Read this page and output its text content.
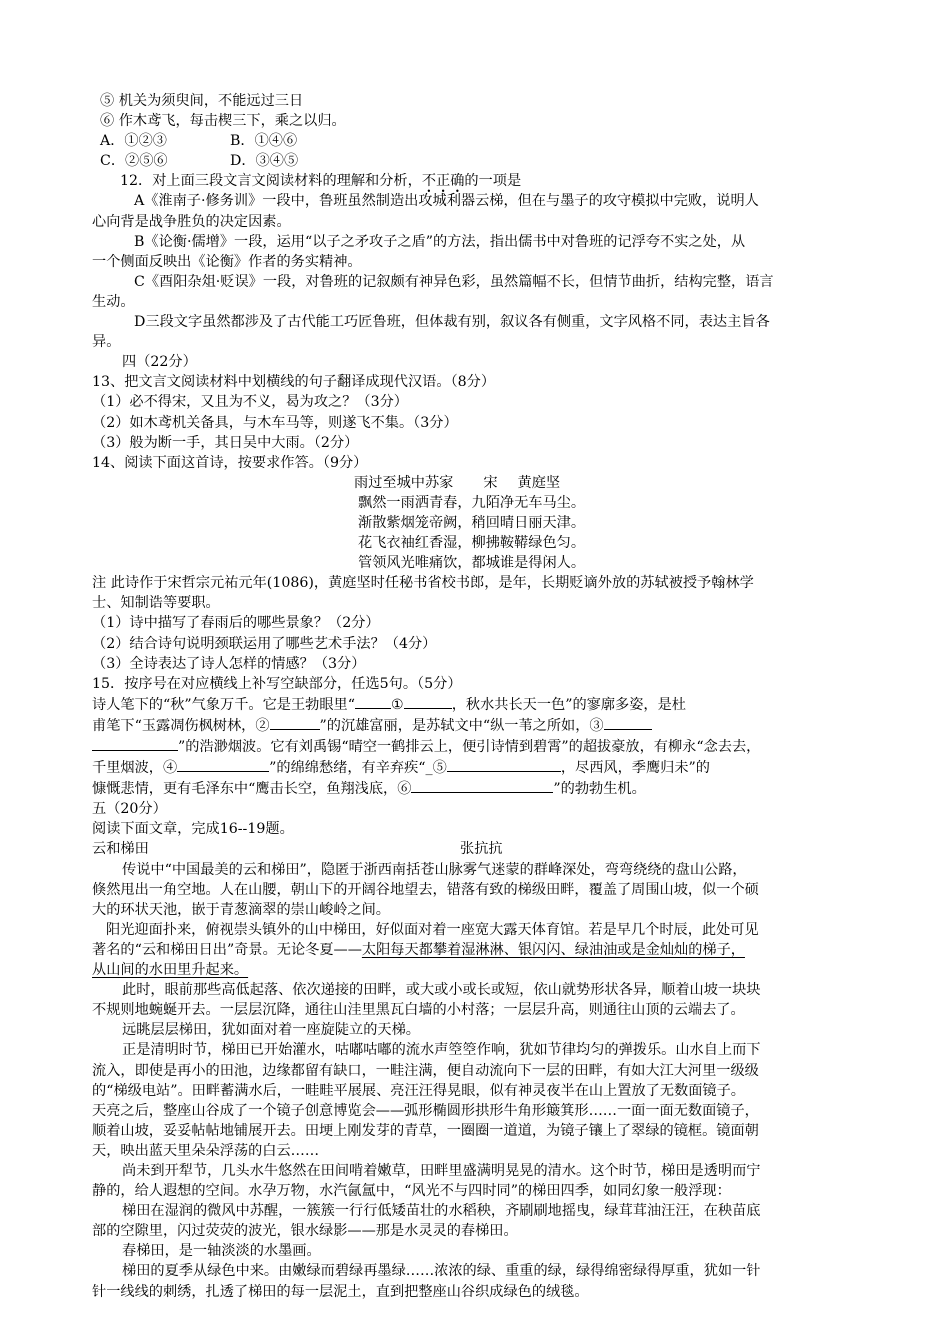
⑤ 机关为须臾间，不能远过三日
⑥ 作木鸢飞，每击楔三下，乘之以归。
A．①②③	B．①④⑥
C．②⑤⑥	D．③④⑤
12．对上面三段文言文阅读材料的理解和分析，不正确的一项是
A《淮南子·修务训》一段中，鲁班虽然制造出攻城利器云梯，但在与墨子的攻守模拟中完败，说明人
心向背是战争胜负的决定因素。
B《论衡·儒增》一段，运用“以子之矛攻子之盾”的方法，指出儒书中对鲁班的记浮夸不实之处，从
一个侧面反映出《论衡》作者的务实精神。
C《酉阳杂俎·贬误》一段，对鲁班的记叙颇有神异色彩，虽然篇幅不长，但情节曲折，结构完整，语言
生动。
D三段文字虽然都涉及了古代能工巧匠鲁班，但体裁有别，叙议各有侧重，文字风格不同，表达主旨各
异。
四（22分）
13、把文言文阅读材料中划横线的句子翻译成现代汉语。（8分）
（1）必不得宋，又且为不义，曷为攻之？（3分）
（2）如木鸢机关备具，与木车马等，则遂飞不集。（3分）
（3）般为断一手，其日吴中大雨。（2分）
14、阅读下面这首诗，按要求作答。（9分）
雨过至城中苏家 宋 黄庭坚
飘然一雨洒青春，九陌净无车马尘。
渐散紫烟笼帝阙，稍回晴日丽天津。
花飞衣袖红香湿，柳拂鞍鞯绿色匀。
管领风光唯痛饮，都城谁是得闲人。
注 此诗作于宋哲宗元祐元年(1086)，黄庭坚时任秘书省校书郎，是年，长期贬谪外放的苏轼被授予翰林学
士、知制诰等要职。
（1）诗中描写了春雨后的哪些景象？（2分）
（2）结合诗句说明颈联运用了哪些艺术手法？（4分）
（3）全诗表达了诗人怎样的情感？（3分）
15．按序号在对应横线上补写空缺部分，任选5句。（5分）
诗人笔下的“秋”气象万千。它是王勃眼里“	①	，秋水共长天一色”的寥廓多姿，是杜
甫笔下“玉露凋伤枫树林，②	”的沉雄富丽，是苏轼文中“纵一苇之所如，③
”的浩渺烟波。它有刘禹锡“晴空一鹤排云上，便引诗情到碧霄”的超拔豪放，有柳永“念去去，
千里烟波，④	”的绵绵愁绪，有辛弃疾“_⑤	，尽西风，季鹰归未”的
慷慨悲情，更有毛泽东中“鹰击长空，鱼翔浅底，⑥	”的勃勃生机。
五（20分）
阅读下面文章，完成16--19题。
云和梯田	张抗抗
传说中“中国最美的云和梯田”，隐匿于浙西南括苍山脉雾气迷蒙的群峰深处，弯弯绕绕的盘山公路，
倏然甩出一角空地。人在山腰，朝山下的开阔谷地望去，错落有致的梯级田畔，覆盖了周围山坡，似一个硕
大的环状天池，嵌于青葱滴翠的崇山峻岭之间。
阳光迎面扑来，俯视崇头镇外的山中梯田，好似面对着一座宽大露天体育馆。若是早几个时辰，此处可见
著名的“云和梯田日出”奇景。无论冬夏——太阳每天都攀着湿淋淋、银闪闪、绿油油或是金灿灿的梯子，
从山间的水田里升起来。
此时，眼前那些高低起落、依次递接的田畔，或大或小或长或短，依山就势形状各异，顺着山坡一块块
不规则地蜿蜒开去。一层层沉降，通往山洼里黑瓦白墙的小村落；一层层升高，则通往山顶的云端去了。
远眺层层梯田，犹如面对着一座旋陡立的天梯。
正是清明时节，梯田已开始灌水，咕嘟咕嘟的流水声箜箜作响，犹如节律均匀的弹拨乐。山水自上而下
流入，即使是再小的田池，边缘都留有缺口，一畦注满，便自动流向下一层的田畔，有如大江大河里一级级
的“梯级电站”。田畔蓄满水后，一畦畦平展展、亮汪汪得晃眼，似有神灵夜半在山上置放了无数面镜子。
天亮之后，整座山谷成了一个镜子创意博览会——弧形椭圆形拱形牛角形簸箕形……一面一面无数面镜子，
顺着山坡，妥妥帖帖地铺展开去。田埂上刚发芽的青草，一圈圈一道道，为镜子镶上了翠绿的镜框。镜面朝
天，映出蓝天里朵朵浮荡的白云……
尚未到开犁节，几头水牛悠然在田间啃着嫩草，田畔里盛满明晃晃的清水。这个时节，梯田是透明而宁
静的，给人遐想的空间。水孕万物，水汽氤氲中，“风光不与四时同”的梯田四季，如同幻象一般浮现：
梯田在湿润的微风中苏醒，一簇簇一行行低矮苗壮的水稻秧，齐刷刷地摇曳，绿茸茸油汪汪，在秧苗底
部的空隙里，闪过荧荧的波光，银水绿影——那是水灵灵的春梯田。
春梯田，是一轴淡淡的水墨画。
梯田的夏季从绿色中来。由嫩绿而碧绿再墨绿……浓浓的绿、重重的绿，绿得绵密绿得厚重，犹如一针
针一线线的刺绣，扎透了梯田的每一层泥土，直到把整座山谷织成绿色的绒毯。
